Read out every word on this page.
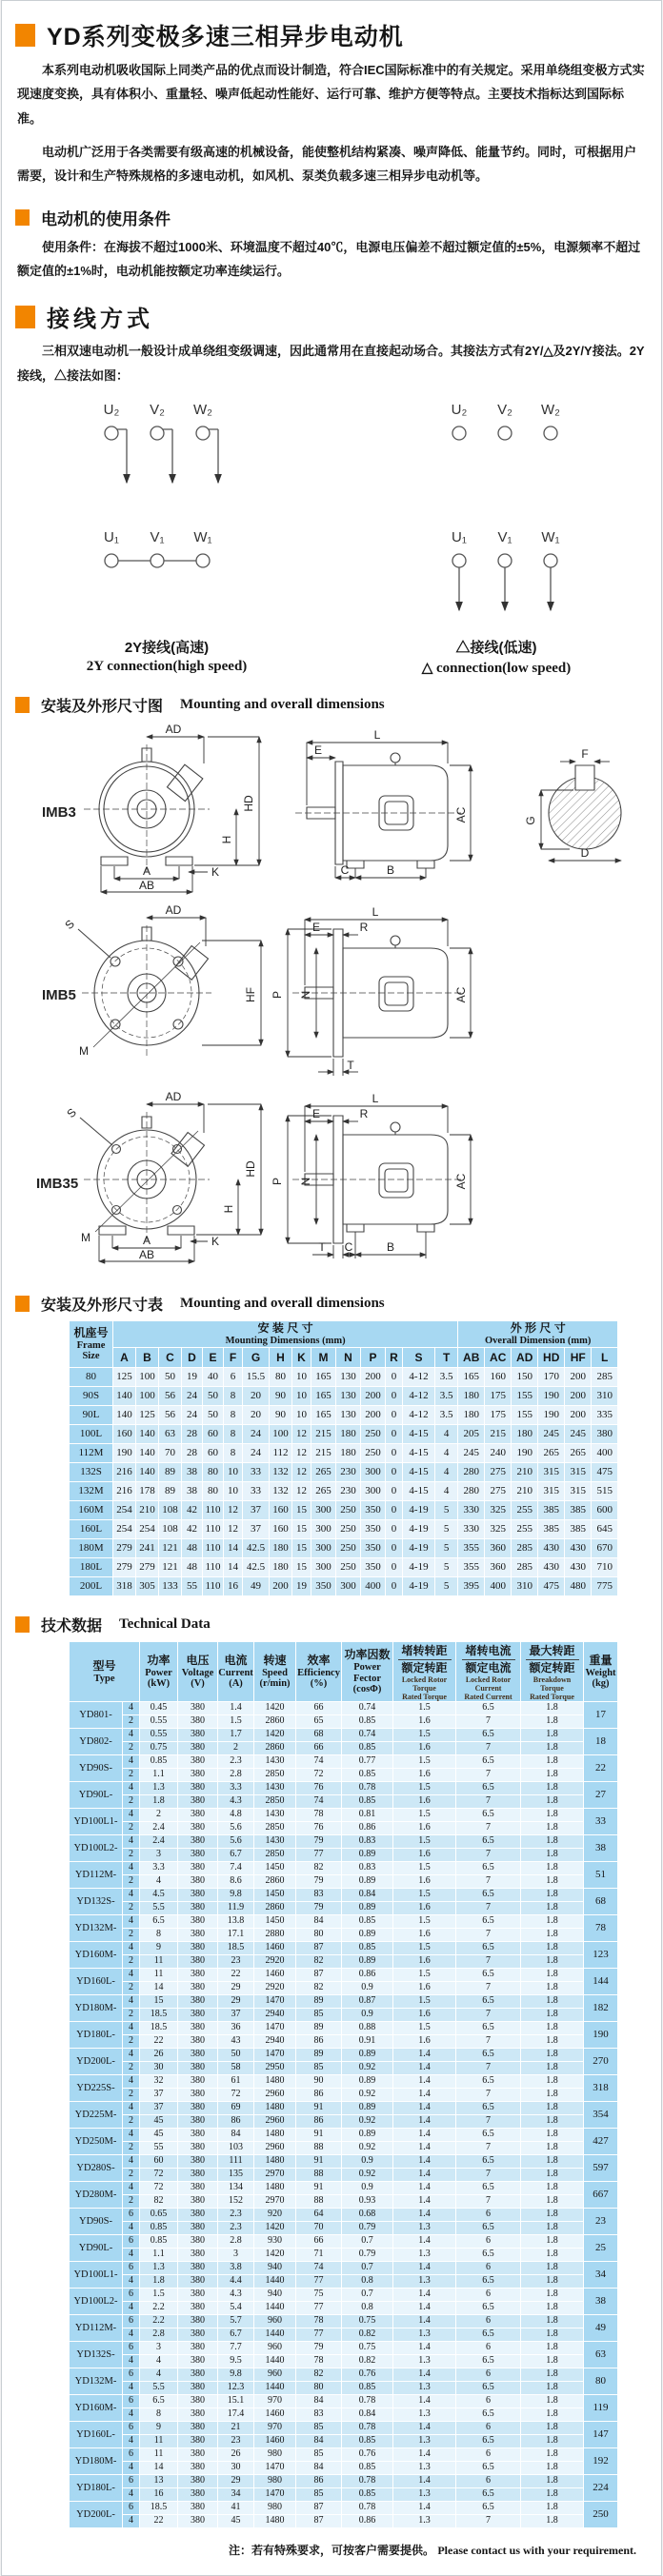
YD系列变极多速三相异步电动机

本系列电动机吸收国际上同类产品的优点而设计制造，符合IEC国际标准中的有关规定。采用单绕组变极方式实现速度变换，具有体积小、重量轻、噪声低起动性能好、运行可靠、维护方便等特点。主要技术指标达到国际标准。

电动机广泛用于各类需要有级高速的机械设备，能使整机结构紧凑、噪声降低、能量节约。同时，可根据用户需要，设计和生产特殊规格的多速电动机，如风机、泵类负载多速三相异步电动机等。

电动机的使用条件

使用条件：在海拔不超过1000米、环境温度不超过40℃，电源电压偏差不超过额定值的±5%，电源频率不超过额定值的±1%时，电动机能按额定功率连续运行。

接线方式

三相双速电动机一般设计成单绕组变级调速，因此通常用在直接起动场合。其接法方式有2Y/△及2Y/Y接法。2Y接线，△接法如图：

U₂ V₂ W₂
U₁ V₁ W₁
U₂ V₂ W₂
U₁ V₁ W₁
2Y接线(高速)
2Y connection(high speed)
△接线(低速)
△ connection(low speed)
安装及外形尺寸图 Mounting and overall dimensions
IMB3
AD
HD
H
K
A
AB
L
E
AC
C	B
F
G
D
IMB5
S
M
AD
HF
L
E	R
P N	AC
T
IMB35
S
M
AD
HD
H
K
A
AB
L
E	R
P N	AC
T C	B
安装及外形尺寸表 Mounting and overall dimensions
机座号
Frame Size

安 装 尺 寸
Mounting Dimensions (mm)

外 形 尺 寸
Overall Dimension (mm)

	A	B	C	D	E	F	G	H	K	M	N	P	R	S	T	AB	AC	AD	HD	HF	L
80	125	100	50	19	40	6	15.5	80	10	165	130	200	0	4-12	3.5	165	160	150	170	200	285
90S	140	100	56	24	50	8	20	90	10	165	130	200	0	4-12	3.5	180	175	155	190	200	310
90L	140	125	56	24	50	8	20	90	10	165	130	200	0	4-12	3.5	180	175	155	190	200	335
100L	160	140	63	28	60	8	24	100	12	215	180	250	0	4-15	4	205	215	180	245	245	380
112M	190	140	70	28	60	8	24	112	12	215	180	250	0	4-15	4	245	240	190	265	265	400
132S	216	140	89	38	80	10	33	132	12	265	230	300	0	4-15	4	280	275	210	315	315	475
132M	216	178	89	38	80	10	33	132	12	265	230	300	0	4-15	4	280	275	210	315	315	515
160M	254	210	108	42	110	12	37	160	15	300	250	350	0	4-19	5	330	325	255	385	385	600
160L	254	254	108	42	110	12	37	160	15	300	250	350	0	4-19	5	330	325	255	385	385	645
180M	279	241	121	48	110	14	42.5	180	15	300	250	350	0	4-19	5	355	360	285	430	430	670
180L	279	279	121	48	110	14	42.5	180	15	300	250	350	0	4-19	5	355	360	285	430	430	710
200L	318	305	133	55	110	16	49	200	19	350	300	400	0	4-19	5	395	400	310	475	480	775
技术数据 Technical Data
型号
Type

功率
Power
(kW)

电压
Voltage
(V)

电流
Current
(A)

转速
Speed
(r/min)

效率
Efficiency
(%)

功率因数
Power Fector
(cosΦ)
	堵转转距
额定转距
Locked Rotor
Torque
Rated Torque
	堵转电流
额定电流
Locked Rotor
Current
Rated Current
	最大转距
额定转距
Breakdown
Torque
Rated Torque

重量
Weight
(kg)

YD801-	4	0.45	380	1.4	1420	66	0.74	1.5	6.5	1.8	17
	2	0.55	380	1.5	2860	65	0.85	1.6	7	1.8	
YD802-	4	0.55	380	1.7	1420	68	0.74	1.5	6.5	1.8	18
	2	0.75	380	2	2860	66	0.85	1.6	7	1.8	
YD90S-	4	0.85	380	2.3	1430	74	0.77	1.5	6.5	1.8	22
	2	1.1	380	2.8	2850	72	0.85	1.6	7	1.8	
YD90L-	4	1.3	380	3.3	1430	76	0.78	1.5	6.5	1.8	27
	2	1.8	380	4.3	2850	74	0.85	1.6	7	1.8	
YD100L1-	4	2	380	4.8	1430	78	0.81	1.5	6.5	1.8	33
	2	2.4	380	5.6	2850	76	0.86	1.6	7	1.8	
YD100L2-	4	2.4	380	5.6	1430	79	0.83	1.5	6.5	1.8	38
	2	3	380	6.7	2850	77	0.89	1.6	7	1.8	
YD112M-	4	3.3	380	7.4	1450	82	0.83	1.5	6.5	1.8	51
	2	4	380	8.6	2860	79	0.89	1.6	7	1.8	
YD132S-	4	4.5	380	9.8	1450	83	0.84	1.5	6.5	1.8	68
	2	5.5	380	11.9	2860	79	0.89	1.6	7	1.8	
YD132M-	4	6.5	380	13.8	1450	84	0.85	1.5	6.5	1.8	78
	2	8	380	17.1	2880	80	0.89	1.6	7	1.8	
YD160M-	4	9	380	18.5	1460	87	0.85	1.5	6.5	1.8	123
	2	11	380	23	2920	82	0.89	1.6	7	1.8	
YD160L-	4	11	380	22	1460	87	0.86	1.5	6.5	1.8	144
	2	14	380	29	2920	82	0.9	1.6	7	1.8	
YD180M-	4	15	380	29	1470	89	0.87	1.5	6.5	1.8	182
	2	18.5	380	37	2940	85	0.9	1.6	7	1.8	
YD180L-	4	18.5	380	36	1470	89	0.88	1.5	6.5	1.8	190
	2	22	380	43	2940	86	0.91	1.6	7	1.8	
YD200L-	4	26	380	50	1470	89	0.89	1.4	6.5	1.8	270
	2	30	380	58	2950	85	0.92	1.4	7	1.8	
YD225S-	4	32	380	61	1480	90	0.89	1.4	6.5	1.8	318
	2	37	380	72	2960	86	0.92	1.4	7	1.8	
YD225M-	4	37	380	69	1480	91	0.89	1.4	6.5	1.8	354
	2	45	380	86	2960	86	0.92	1.4	7	1.8	
YD250M-	4	45	380	84	1480	91	0.89	1.4	6.5	1.8	427
	2	55	380	103	2960	88	0.92	1.4	7	1.8	
YD280S-	4	60	380	111	1480	91	0.9	1.4	6.5	1.8	597
	2	72	380	135	2970	88	0.92	1.4	7	1.8	
YD280M-	4	72	380	134	1480	91	0.9	1.4	6.5	1.8	667
	2	82	380	152	2970	88	0.93	1.4	7	1.8	
YD90S-	6	0.65	380	2.3	920	64	0.68	1.4	6	1.8	23
	4	0.85	380	2.3	1420	70	0.79	1.3	6.5	1.8	
YD90L-	6	0.85	380	2.8	930	66	0.7	1.4	6	1.8	25
	4	1.1	380	3	1420	71	0.79	1.3	6.5	1.8	
YD100L1-	6	1.3	380	3.8	940	74	0.7	1.4	6	1.8	34
	4	1.8	380	4.4	1440	77	0.8	1.3	6.5	1.8	
YD100L2-	6	1.5	380	4.3	940	75	0.7	1.4	6	1.8	38
	4	2.2	380	5.4	1440	77	0.8	1.4	6.5	1.8	
YD112M-	6	2.2	380	5.7	960	78	0.75	1.4	6	1.8	49
	4	2.8	380	6.7	1440	77	0.82	1.3	6.5	1.8	
YD132S-	6	3	380	7.7	960	79	0.75	1.4	6	1.8	63
	4	4	380	9.5	1440	78	0.82	1.3	6.5	1.8	
YD132M-	6	4	380	9.8	960	82	0.76	1.4	6	1.8	80
	4	5.5	380	12.3	1440	80	0.85	1.3	6.5	1.8	
YD160M-	6	6.5	380	15.1	970	84	0.78	1.4	6	1.8	119
	4	8	380	17.4	1460	83	0.84	1.3	6.5	1.8	
YD160L-	6	9	380	21	970	85	0.78	1.4	6	1.8	147
	4	11	380	23	1460	84	0.85	1.3	6.5	1.8	
YD180M-	6	11	380	26	980	85	0.76	1.4	6	1.8	192
	4	14	380	30	1470	84	0.85	1.3	6.5	1.8	
YD180L-	6	13	380	29	980	86	0.78	1.4	6	1.8	224
	4	16	380	34	1470	85	0.85	1.3	6.5	1.8	
YD200L-	6	18.5	380	41	980	87	0.78	1.4	6.5	1.8	250
	4	22	380	45	1480	87	0.86	1.3	7	1.8	
注：若有特殊要求，可按客户需要提供。 Please contact us with your requirement.
